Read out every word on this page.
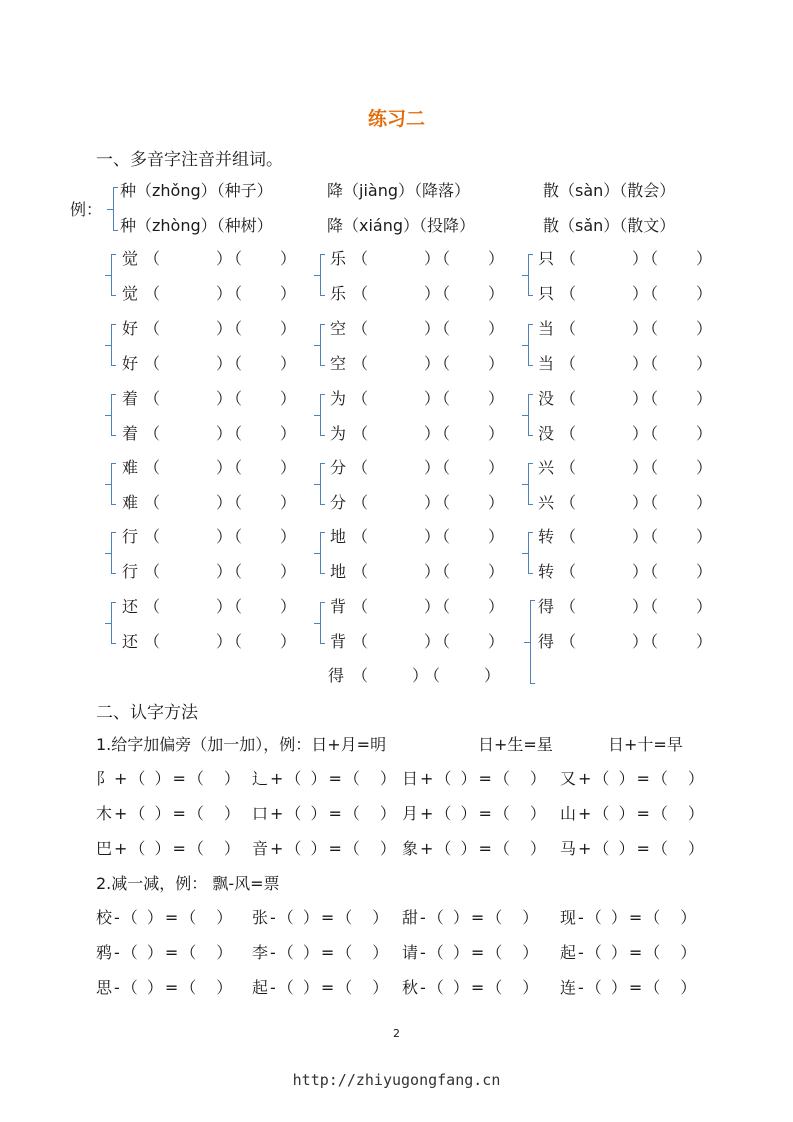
练习二
一、多音字注音并组词。
例：
种（zhǒng）（种子）
种（zhòng）（种树）
降（jiàng）（降落）
降（xiáng）（投降）
散（sàn）（散会）
散（sǎn）（散文）
觉 （　　　）（　　）
觉 （　　　）（　　）
乐 （　　　）（　　）
乐 （　　　）（　　）
只 （　　　）（　　）
只 （　　　）（　　）
好 （　　　）（　　）
好 （　　　）（　　）
空 （　　　）（　　）
空 （　　　）（　　）
当 （　　　）（　　）
当 （　　　）（　　）
着 （　　　）（　　）
着 （　　　）（　　）
为 （　　　）（　　）
为 （　　　）（　　）
没 （　　　）（　　）
没 （　　　）（　　）
难 （　　　）（　　）
难 （　　　）（　　）
分 （　　　）（　　）
分 （　　　）（　　）
兴 （　　　）（　　）
兴 （　　　）（　　）
行 （　　　）（　　）
行 （　　　）（　　）
地 （　　　）（　　）
地 （　　　）（　　）
转 （　　　）（　　）
转 （　　　）（　　）
还 （　　　）（　　）
还 （　　　）（　　）
背 （　　　）（　　）
背 （　　　）（　　）
得 （　　　）（　　）
得 （　　　）（　　）
得 （　　）（　　）
二、认字方法
1.给字加偏旁（加一加），例：日+月=明	日+生=星	日+十=早
阝+（ ）=（　） 辶+（ ）=（　） 日+（ ）=（　） 又+（ ）=（　）
木+（ ）=（　） 口+（ ）=（　） 月+（ ）=（　） 山+（ ）=（　）
巴+（ ）=（　） 音+（ ）=（　） 象+（ ）=（　） 马+（ ）=（　）
2.减一减，例： 飘-风=票
校-（ ）=（　） 张-（ ）=（　） 甜-（ ）=（　） 现-（ ）=（　）
鸦-（ ）=（　） 李-（ ）=（　） 请-（ ）=（　） 起-（ ）=（　）
思-（ ）=（　） 起-（ ）=（　） 秋-（ ）=（　） 连-（ ）=（　）
2
http://zhiyugongfang.cn
